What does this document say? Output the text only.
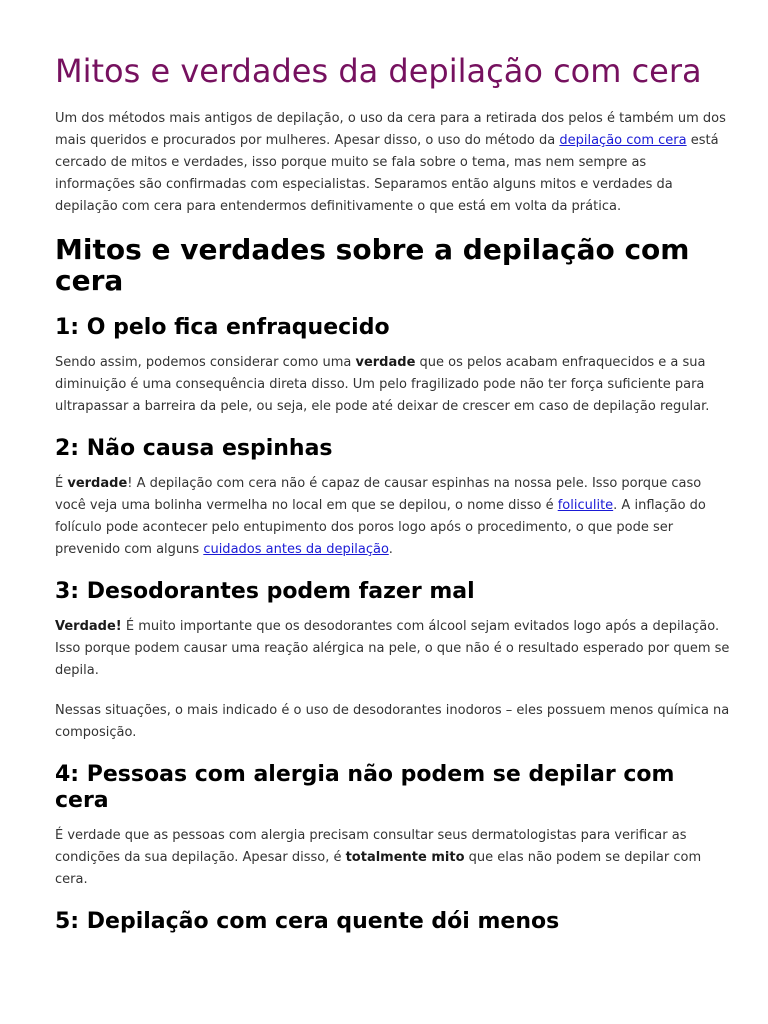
Mitos e verdades da depilação com cera

Um dos métodos mais antigos de depilação, o uso da cera para a retirada dos pelos é também um dos mais queridos e procurados por mulheres. Apesar disso, o uso do método da depilação com cera está cercado de mitos e verdades, isso porque muito se fala sobre o tema, mas nem sempre as informações são confirmadas com especialistas. Separamos então alguns mitos e verdades da depilação com cera para entendermos definitivamente o que está em volta da prática.

Mitos e verdades sobre a depilação com cera
1: O pelo fica enfraquecido

Sendo assim, podemos considerar como uma verdade que os pelos acabam enfraquecidos e a sua diminuição é uma consequência direta disso. Um pelo fragilizado pode não ter força suficiente para ultrapassar a barreira da pele, ou seja, ele pode até deixar de crescer em caso de depilação regular.

2: Não causa espinhas

É verdade! A depilação com cera não é capaz de causar espinhas na nossa pele. Isso porque caso você veja uma bolinha vermelha no local em que se depilou, o nome disso é foliculite. A inflação do folículo pode acontecer pelo entupimento dos poros logo após o procedimento, o que pode ser prevenido com alguns cuidados antes da depilação.

3: Desodorantes podem fazer mal

Verdade! É muito importante que os desodorantes com álcool sejam evitados logo após a depilação. Isso porque podem causar uma reação alérgica na pele, o que não é o resultado esperado por quem se depila.

Nessas situações, o mais indicado é o uso de desodorantes inodoros – eles possuem menos química na composição.

4: Pessoas com alergia não podem se depilar com cera

É verdade que as pessoas com alergia precisam consultar seus dermatologistas para verificar as condições da sua depilação. Apesar disso, é totalmente mito que elas não podem se depilar com cera.

5: Depilação com cera quente dói menos
